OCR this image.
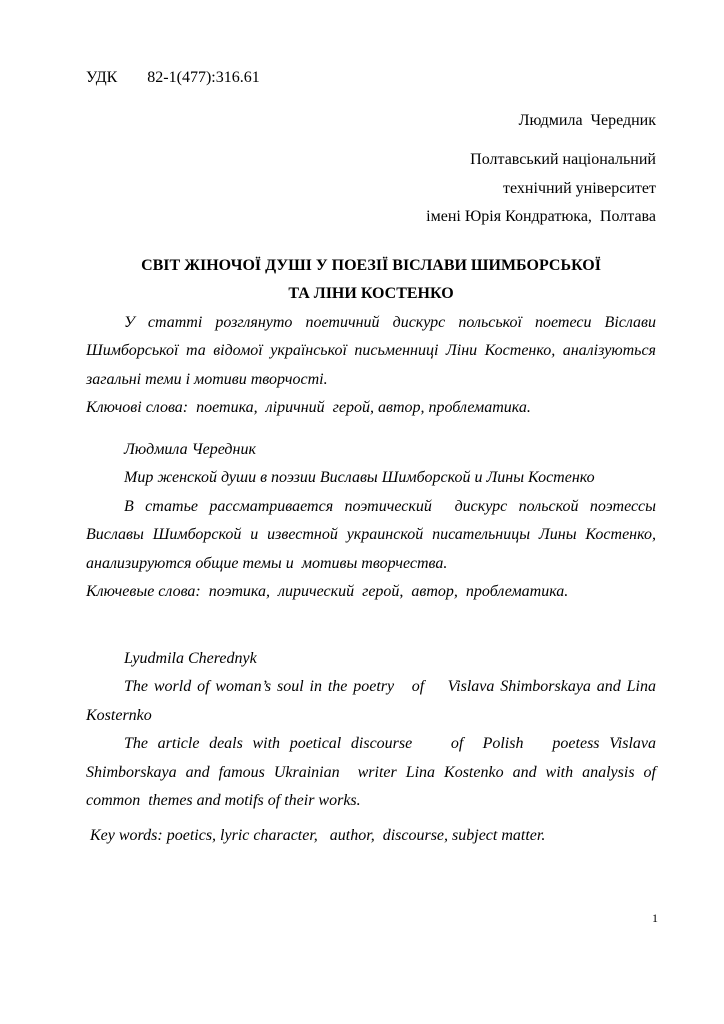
УДК 82-1(477):316.61

Людмила  Чередник

Полтавський національний

технічний університет

імені Юрія Кондратюка,  Полтава

СВІТ ЖІНОЧОЇ ДУШІ У ПОЕЗІЇ ВІСЛАВИ ШИМБОРСЬКОЇ

ТА ЛІНИ КОСТЕНКО

У статті розглянуто поетичний дискурс польської поетеси Віслави Шимборської та відомої української письменниці Ліни Костенко, аналізуються загальні теми і мотиви творчості.

Ключові слова:  поетика,  ліричний  герой, автор, проблематика.

Людмила Чередник

Мир женской души в поэзии Виславы Шимборской и Лины Костенко

В статье рассматривается поэтический  дискурс польской поэтессы Виславы Шимборской и известной украинской писательницы Лины Костенко, анализируются общие темы и  мотивы творчества.

Ключевые слова:  поэтика,  лирический  герой,  автор,  проблематика.

Lyudmila Cherednyk

The world of woman’s soul in the poetry   of    Vislava Shimborskaya and Lina Kosternko

The article deals with poetical discourse    of  Polish   poetess Vislava Shimborskaya and famous Ukrainian  writer Lina Kostenko and with analysis of common  themes and motifs of their works.

Key words: poetics, lyric character,   author,  discourse, subject matter.

1
